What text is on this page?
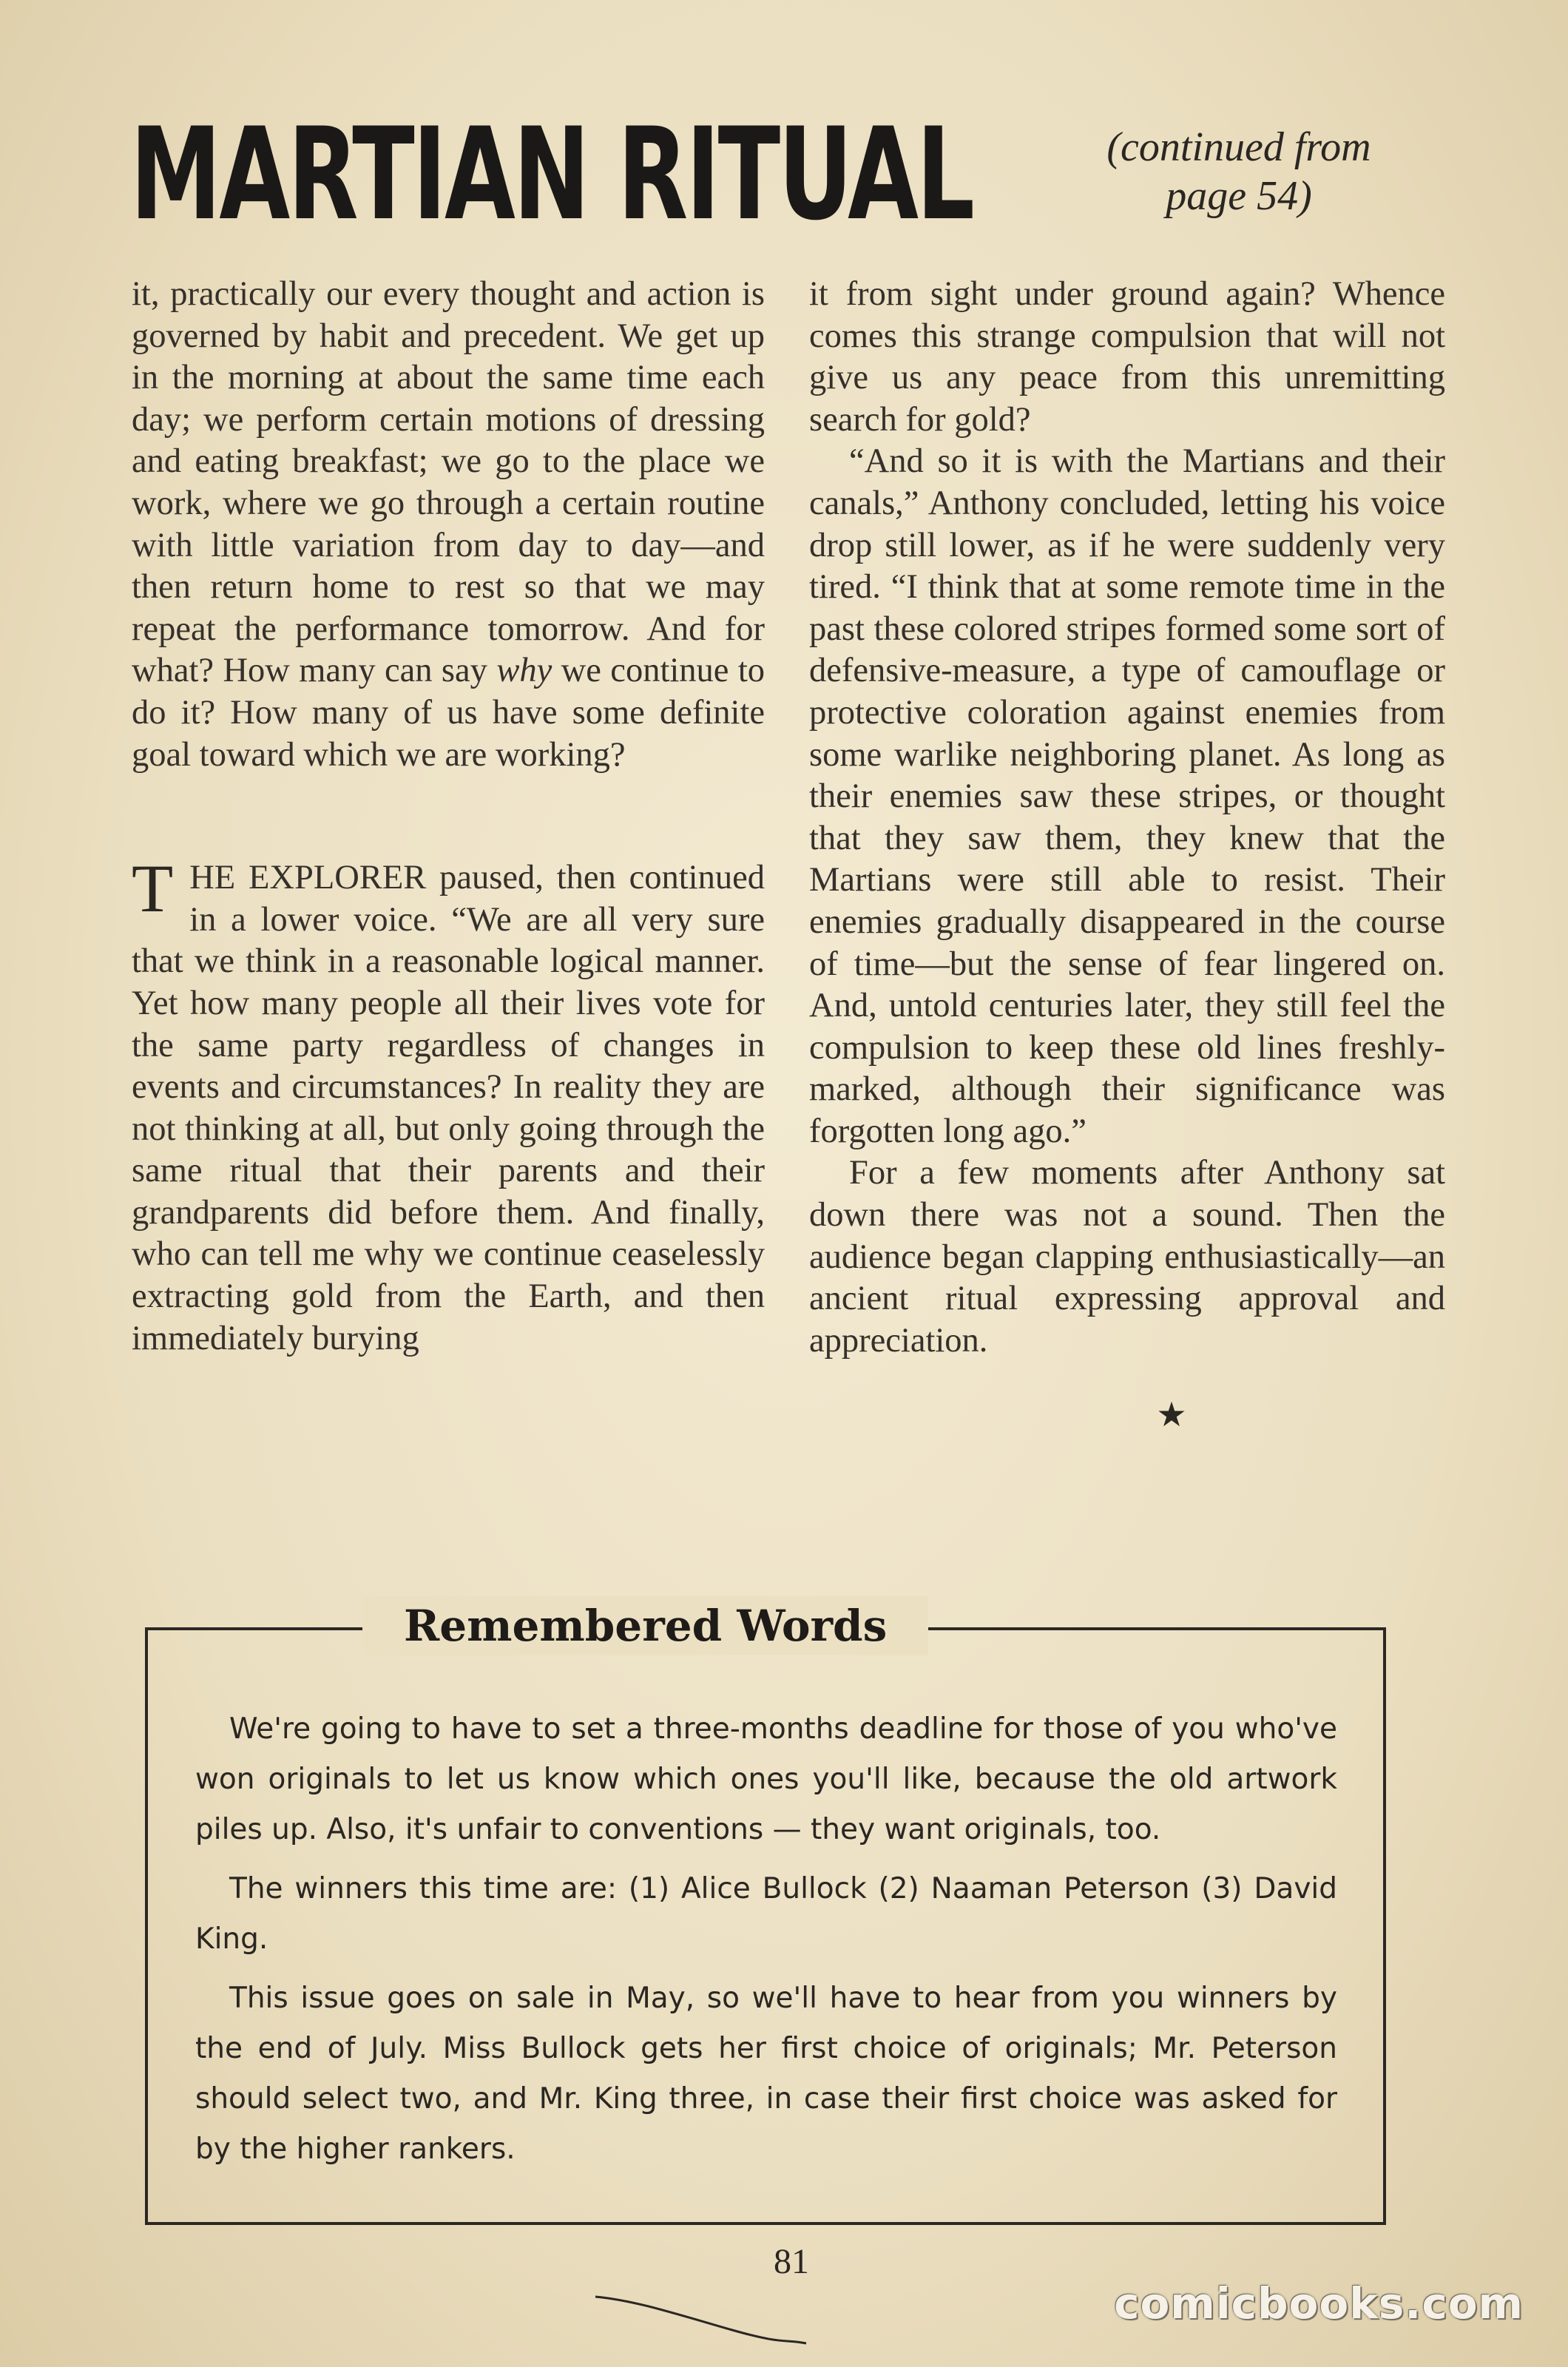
MARTIAN RITUAL	(continued from
page 54)

it, practically our every thought and action is governed by habit and precedent. We get up in the morning at about the same time each day; we perform certain motions of dressing and eating breakfast; we go to the place we work, where we go through a certain routine with little variation from day to day—and then return home to rest so that we may repeat the performance tomorrow. And for what? How many can say why we continue to do it? How many of us have some definite goal toward which we are working?

THE EXPLORER paused, then continued in a lower voice. “We are all very sure that we think in a reasonable logical manner. Yet how many people all their lives vote for the same party regardless of changes in events and circumstances? In reality they are not thinking at all, but only going through the same ritual that their parents and their grandparents did before them. And finally, who can tell me why we continue ceaselessly extracting gold from the Earth, and then immediately burying

it from sight under ground again? Whence comes this strange compulsion that will not give us any peace from this unremitting search for gold?

“And so it is with the Martians and their canals,” Anthony concluded, letting his voice drop still lower, as if he were suddenly very tired. “I think that at some remote time in the past these colored stripes formed some sort of defensive-measure, a type of camouflage or protective coloration against enemies from some warlike neighboring planet. As long as their enemies saw these stripes, or thought that they saw them, they knew that the Martians were still able to resist. Their enemies gradually disappeared in the course of time—but the sense of fear lingered on. And, untold centuries later, they still feel the compulsion to keep these old lines freshly-marked, although their significance was forgotten long ago.”

For a few moments after Anthony sat down there was not a sound. Then the audience began clapping enthusiastically—an ancient ritual expressing approval and appreciation.

★
Remembered Words

We're going to have to set a three-months deadline for those of you who've won originals to let us know which ones you'll like, because the old artwork piles up. Also, it's unfair to conventions — they want originals, too.

The winners this time are: (1) Alice Bullock (2) Naaman Peterson (3) David King.

This issue goes on sale in May, so we'll have to hear from you winners by the end of July. Miss Bullock gets her first choice of originals; Mr. Peterson should select two, and Mr. King three, in case their first choice was asked for by the higher rankers.

81
comicbooks.com
